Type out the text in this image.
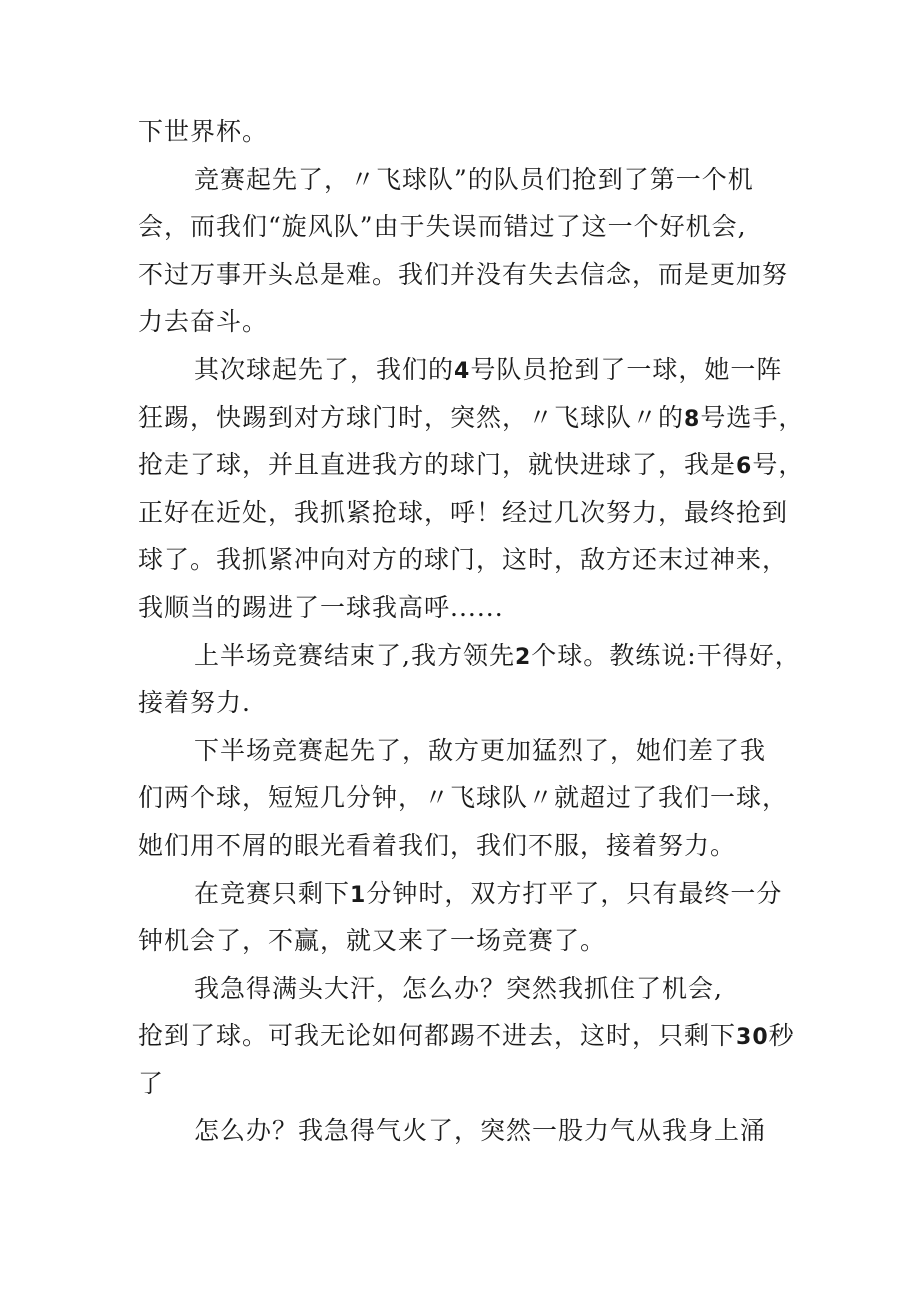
下世界杯。
竞赛起先了，〃飞球队”的队员们抢到了第一个机
会，而我们“旋风队”由于失误而错过了这一个好机会,
不过万事开头总是难。我们并没有失去信念，而是更加努
力去奋斗。
其次球起先了，我们的4号队员抢到了一球，她一阵
狂踢，快踢到对方球门时，突然，〃飞球队〃的8号选手，
抢走了球，并且直进我方的球门，就快进球了，我是6号，
正好在近处，我抓紧抢球，呼！经过几次努力，最终抢到
球了。我抓紧冲向对方的球门，这时，敌方还末过神来，
我顺当的踢进了一球我高呼......
上半场竞赛结束了,我方领先2个球。教练说:干得好，
接着努力.
下半场竞赛起先了，敌方更加猛烈了，她们差了我
们两个球，短短几分钟，〃飞球队〃就超过了我们一球，
她们用不屑的眼光看着我们，我们不服，接着努力。
在竞赛只剩下1分钟时，双方打平了，只有最终一分
钟机会了，不赢，就又来了一场竞赛了。
我急得满头大汗，怎么办？突然我抓住了机会,
抢到了球。可我无论如何都踢不进去，这时，只剩下30秒
了
怎么办？我急得气火了，突然一股力气从我身上涌
